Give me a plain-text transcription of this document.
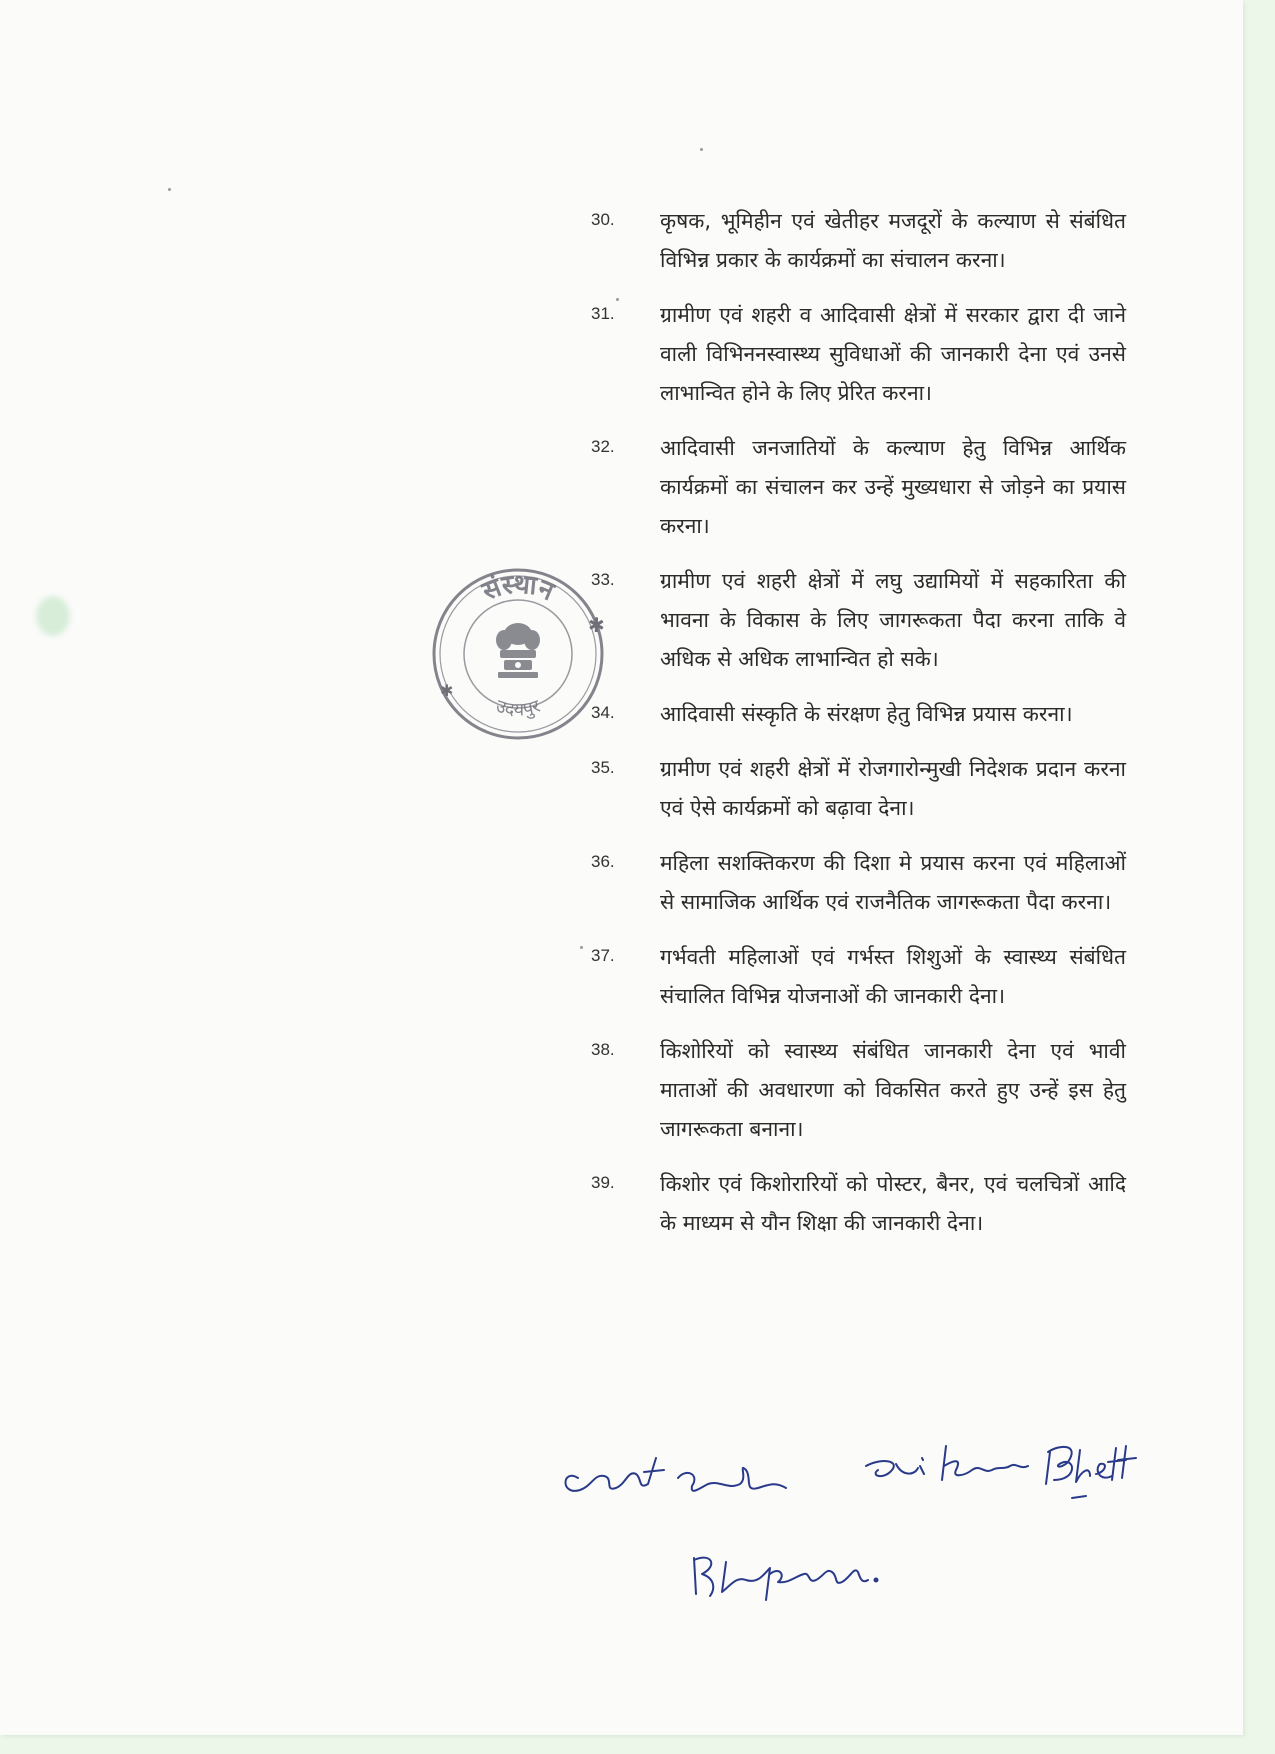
30. कृषक, भूमिहीन एवं खेतीहर मजदूरों के कल्याण से संबंधित विभिन्न प्रकार के कार्यक्रमों का संचालन करना।
31. ग्रामीण एवं शहरी व आदिवासी क्षेत्रों में सरकार द्वारा दी जाने वाली विभिननस्वास्थ्य सुविधाओं की जानकारी देना एवं उनसे लाभान्वित होने के लिए प्रेरित करना।
32. आदिवासी जनजातियों के कल्याण हेतु विभिन्न आर्थिक कार्यक्रमों का संचालन कर उन्हें मुख्यधारा से जोड़ने का प्रयास करना।
33. ग्रामीण एवं शहरी क्षेत्रों में लघु उद्यामियों में सहकारिता की भावना के विकास के लिए जागरूकता पैदा करना ताकि वे अधिक से अधिक लाभान्वित हो सके।
34. आदिवासी संस्कृति के संरक्षण हेतु विभिन्न प्रयास करना।
35. ग्रामीण एवं शहरी क्षेत्रों में रोजगारोन्मुखी निदेशक प्रदान करना एवं ऐसे कार्यक्रमों को बढ़ावा देना।
36. महिला सशक्तिकरण की दिशा मे प्रयास करना एवं महिलाओं से सामाजिक आर्थिक एवं राजनैतिक जागरूकता पैदा करना।
37. गर्भवती महिलाओं एवं गर्भस्त शिशुओं के स्वास्थ्य संबंधित संचालित विभिन्न योजनाओं की जानकारी देना।
38. किशोरियों को स्वास्थ्य संबंधित जानकारी देना एवं भावी माताओं की अवधारणा को विकसित करते हुए उन्हें इस हेतु जागरूकता बनाना।
39. किशोर एवं किशोरारियों को पोस्टर, बैनर, एवं चलचित्रों आदि के माध्यम से यौन शिक्षा की जानकारी देना।
संस्थान
उदयपुर
✱
✱
